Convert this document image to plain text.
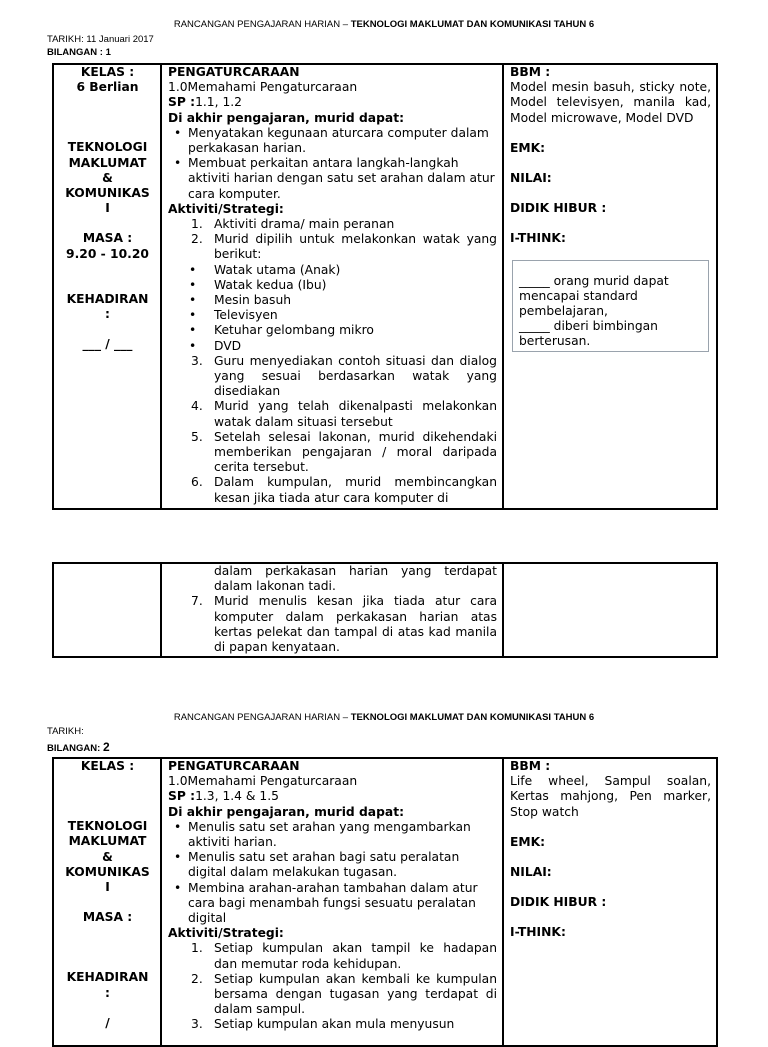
RANCANGAN PENGAJARAN HARIAN – TEKNOLOGI MAKLUMAT DAN KOMUNIKASI TAHUN 6
TARIKH: 11 Januari 2017
BILANGAN : 1
KELAS :
6 Berlian
TEKNOLOGI
MAKLUMAT
&
KOMUNIKAS
I
MASA :
9.20 - 10.20
KEHADIRAN
:
___ / ___

PENGATURCARAAN
1.0Memahami Pengaturcaraan
SP :1.1, 1.2
Di akhir pengajaran, murid dapat:
• Menyatakan kegunaan aturcara computer dalam perkakasan harian.
• Membuat perkaitan antara langkah-langkah aktiviti harian dengan satu set arahan dalam atur cara komputer.
Aktiviti/Strategi:
1. Aktiviti drama/ main peranan
2. Murid dipilih untuk melakonkan watak yang berikut:
• Watak utama (Anak)
• Watak kedua (Ibu)
• Mesin basuh
• Televisyen
• Ketuhar gelombang mikro
• DVD
3. Guru menyediakan contoh situasi dan dialog yang sesuai berdasarkan watak yang disediakan
4. Murid yang telah dikenalpasti melakonkan watak dalam situasi tersebut
5. Setelah selesai lakonan, murid dikehendaki memberikan pengajaran / moral daripada cerita tersebut.
6. Dalam kumpulan, murid membincangkan kesan jika tiada atur cara komputer di

BBM :
Model mesin basuh, sticky note, Model televisyen, manila kad, Model microwave, Model DVD
EMK:
NILAI:
DIDIK HIBUR :
I-THINK:
_____ orang murid dapat mencapai standard pembelajaran,
_____ diberi bimbingan berterusan.

dalam perkakasan harian yang terdapat dalam lakonan tadi.
7. Murid menulis kesan jika tiada atur cara komputer dalam perkakasan harian atas kertas pelekat dan tampal di atas kad manila di papan kenyataan.

RANCANGAN PENGAJARAN HARIAN – TEKNOLOGI MAKLUMAT DAN KOMUNIKASI TAHUN 6
TARIKH:
BILANGAN: 2
KELAS :
TEKNOLOGI
MAKLUMAT
&
KOMUNIKAS
I
MASA :
KEHADIRAN
:
/

PENGATURCARAAN
1.0Memahami Pengaturcaraan
SP :1.3, 1.4 & 1.5
Di akhir pengajaran, murid dapat:
• Menulis satu set arahan yang mengambarkan aktiviti harian.
• Menulis satu set arahan bagi satu peralatan digital dalam melakukan tugasan.
• Membina arahan-arahan tambahan dalam atur cara bagi menambah fungsi sesuatu peralatan digital
Aktiviti/Strategi:
1. Setiap kumpulan akan tampil ke hadapan dan memutar roda kehidupan.
2. Setiap kumpulan akan kembali ke kumpulan bersama dengan tugasan yang terdapat di dalam sampul.
3. Setiap kumpulan akan mula menyusun

BBM :
Life wheel, Sampul soalan, Kertas mahjong, Pen marker, Stop watch
EMK:
NILAI:
DIDIK HIBUR :
I-THINK:
